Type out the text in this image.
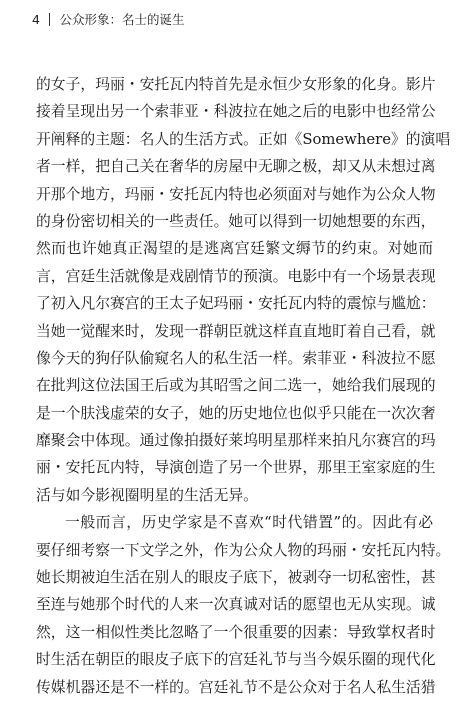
4 公众形象：名士的诞生
的女子，玛丽・安托瓦内特首先是永恒少女形象的化身。影片
接着呈现出另一个索菲亚・科波拉在她之后的电影中也经常公
开阐释的主题：名人的生活方式。正如《Somewhere》的演唱
者一样，把自己关在奢华的房屋中无聊之极，却又从未想过离
开那个地方，玛丽・安托瓦内特也必须面对与她作为公众人物
的身份密切相关的一些责任。她可以得到一切她想要的东西，
然而也许她真正渴望的是逃离宫廷繁文缛节的约束。对她而
言，宫廷生活就像是戏剧情节的预演。电影中有一个场景表现
了初入凡尔赛宫的王太子妃玛丽・安托瓦内特的震惊与尴尬：
当她一觉醒来时，发现一群朝臣就这样直直地盯着自己看，就
像今天的狗仔队偷窥名人的私生活一样。索菲亚・科波拉不愿
在批判这位法国王后或为其昭雪之间二选一，她给我们展现的
是一个肤浅虚荣的女子，她的历史地位也似乎只能在一次次奢
靡聚会中体现。通过像拍摄好莱坞明星那样来拍凡尔赛宫的玛
丽・安托瓦内特，导演创造了另一个世界，那里王室家庭的生
活与如今影视圈明星的生活无异。
一般而言，历史学家是不喜欢“时代错置”的。因此有必
要仔细考察一下文学之外，作为公众人物的玛丽・安托瓦内特。
她长期被迫生活在别人的眼皮子底下，被剥夺一切私密性，甚
至连与她那个时代的人来一次真诚对话的愿望也无从实现。诚
然，这一相似性类比忽略了一个很重要的因素：导致掌权者时
时生活在朝臣的眼皮子底下的宫廷礼节与当今娱乐圈的现代化
传媒机器还是不一样的。宫廷礼节不是公众对于名人私生活猎
